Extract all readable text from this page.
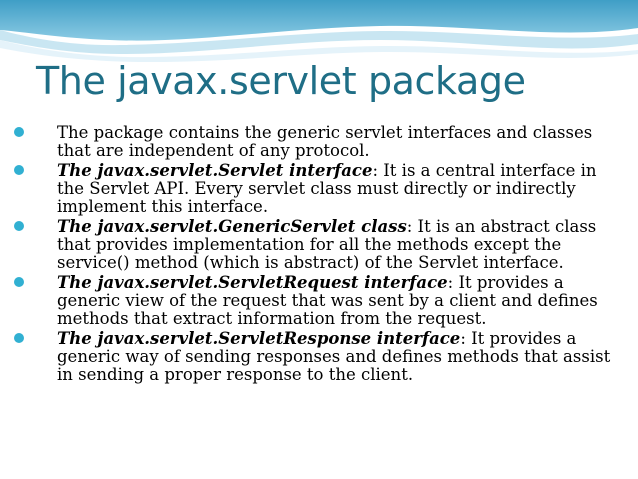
The javax.servlet package
The package contains the generic servlet interfaces and classes that are independent of any protocol.
The javax.servlet.Servlet interface: It is a central interface in the Servlet API. Every servlet class must directly or indirectly implement this interface.
The javax.servlet.GenericServlet class: It is an abstract class that provides implementation for all the methods except the service() method (which is abstract) of the Servlet interface.
The javax.servlet.ServletRequest interface: It provides a generic view of the request that was sent by a client and defines methods that extract information from the request.
The javax.servlet.ServletResponse interface: It provides a generic way of sending responses and defines methods that assist in sending a proper response to the client.
